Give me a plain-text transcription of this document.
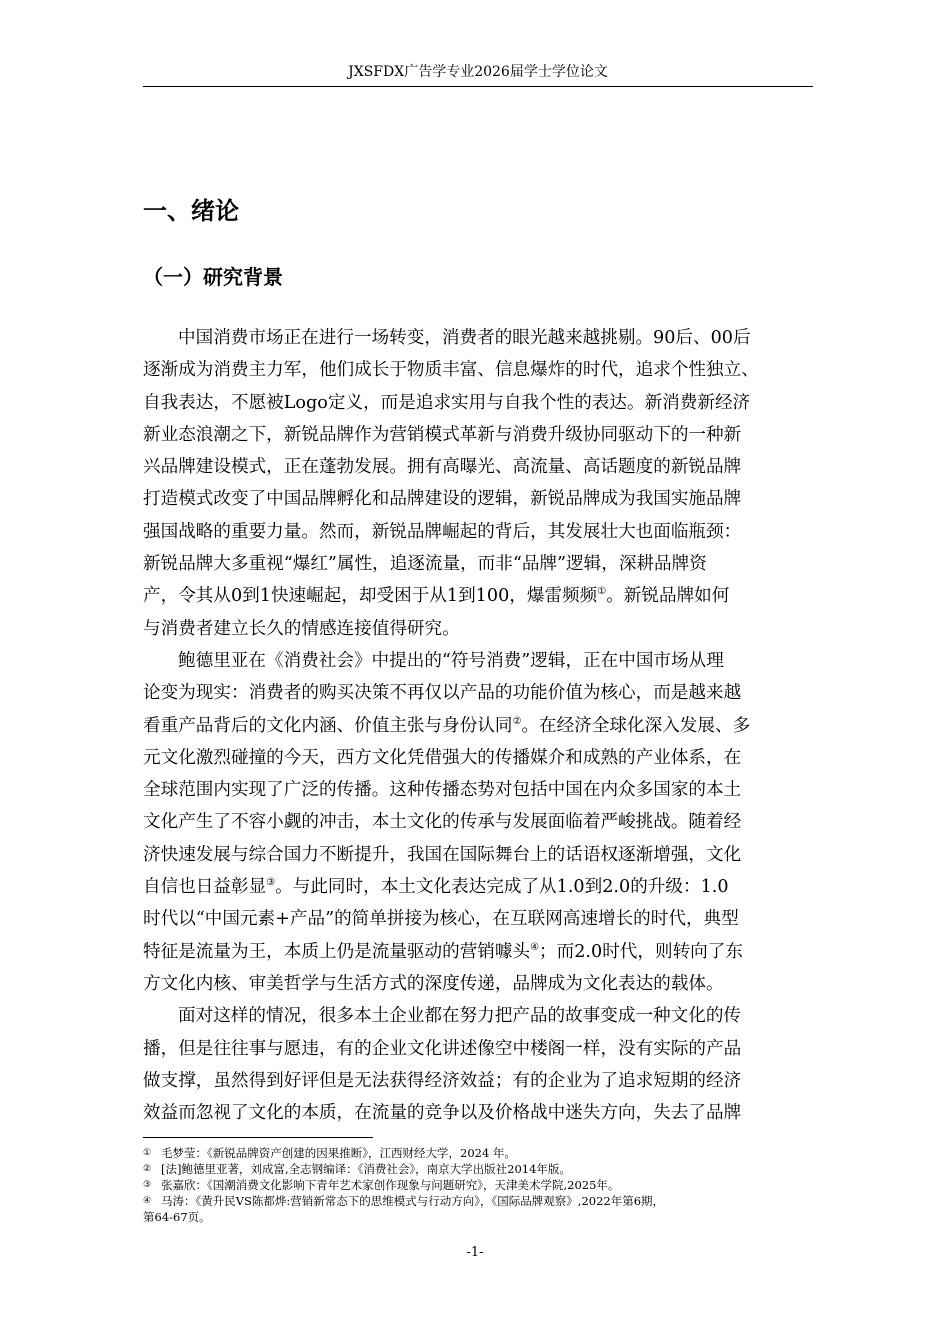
JXSFDX广告学专业2026届学士学位论文
一、绪论
（一）研究背景
中国消费市场正在进行一场转变，消费者的眼光越来越挑剔。90后、00后
逐渐成为消费主力军，他们成长于物质丰富、信息爆炸的时代，追求个性独立、
自我表达，不愿被Logo定义，而是追求实用与自我个性的表达。新消费新经济
新业态浪潮之下，新锐品牌作为营销模式革新与消费升级协同驱动下的一种新
兴品牌建设模式，正在蓬勃发展。拥有高曝光、高流量、高话题度的新锐品牌
打造模式改变了中国品牌孵化和品牌建设的逻辑，新锐品牌成为我国实施品牌
强国战略的重要力量。然而，新锐品牌崛起的背后，其发展壮大也面临瓶颈：
新锐品牌大多重视“爆红”属性，追逐流量，而非“品牌”逻辑，深耕品牌资
产，令其从0到1快速崛起，却受困于从1到100，爆雷频频①。新锐品牌如何
与消费者建立长久的情感连接值得研究。
鲍德里亚在《消费社会》中提出的“符号消费”逻辑，正在中国市场从理
论变为现实：消费者的购买决策不再仅以产品的功能价值为核心，而是越来越
看重产品背后的文化内涵、价值主张与身份认同②。在经济全球化深入发展、多
元文化激烈碰撞的今天，西方文化凭借强大的传播媒介和成熟的产业体系，在
全球范围内实现了广泛的传播。这种传播态势对包括中国在内众多国家的本土
文化产生了不容小觑的冲击，本土文化的传承与发展面临着严峻挑战。随着经
济快速发展与综合国力不断提升，我国在国际舞台上的话语权逐渐增强，文化
自信也日益彰显③。与此同时，本土文化表达完成了从1.0到2.0的升级：1.0
时代以“中国元素+产品”的简单拼接为核心，在互联网高速增长的时代，典型
特征是流量为王，本质上仍是流量驱动的营销噱头④；而2.0时代，则转向了东
方文化内核、审美哲学与生活方式的深度传递，品牌成为文化表达的载体。
面对这样的情况，很多本土企业都在努力把产品的故事变成一种文化的传
播，但是往往事与愿违，有的企业文化讲述像空中楼阁一样，没有实际的产品
做支撑，虽然得到好评但是无法获得经济效益；有的企业为了追求短期的经济
效益而忽视了文化的本质，在流量的竞争以及价格战中迷失方向，失去了品牌
① 毛梦莹：《新锐品牌资产创建的因果推断》，江西财经大学，2024 年。
② [法]鲍德里亚著，刘成富,全志钢编译：《消费社会》，南京大学出版社2014年版。
③ 张嘉欣：《国潮消费文化影响下青年艺术家创作现象与问题研究》，天津美术学院,2025年。
④ 马涛：《黄升民VS陈都烨:营销新常态下的思维模式与行动方向》，《国际品牌观察》,2022年第6期，
第64-67页。
-1-
